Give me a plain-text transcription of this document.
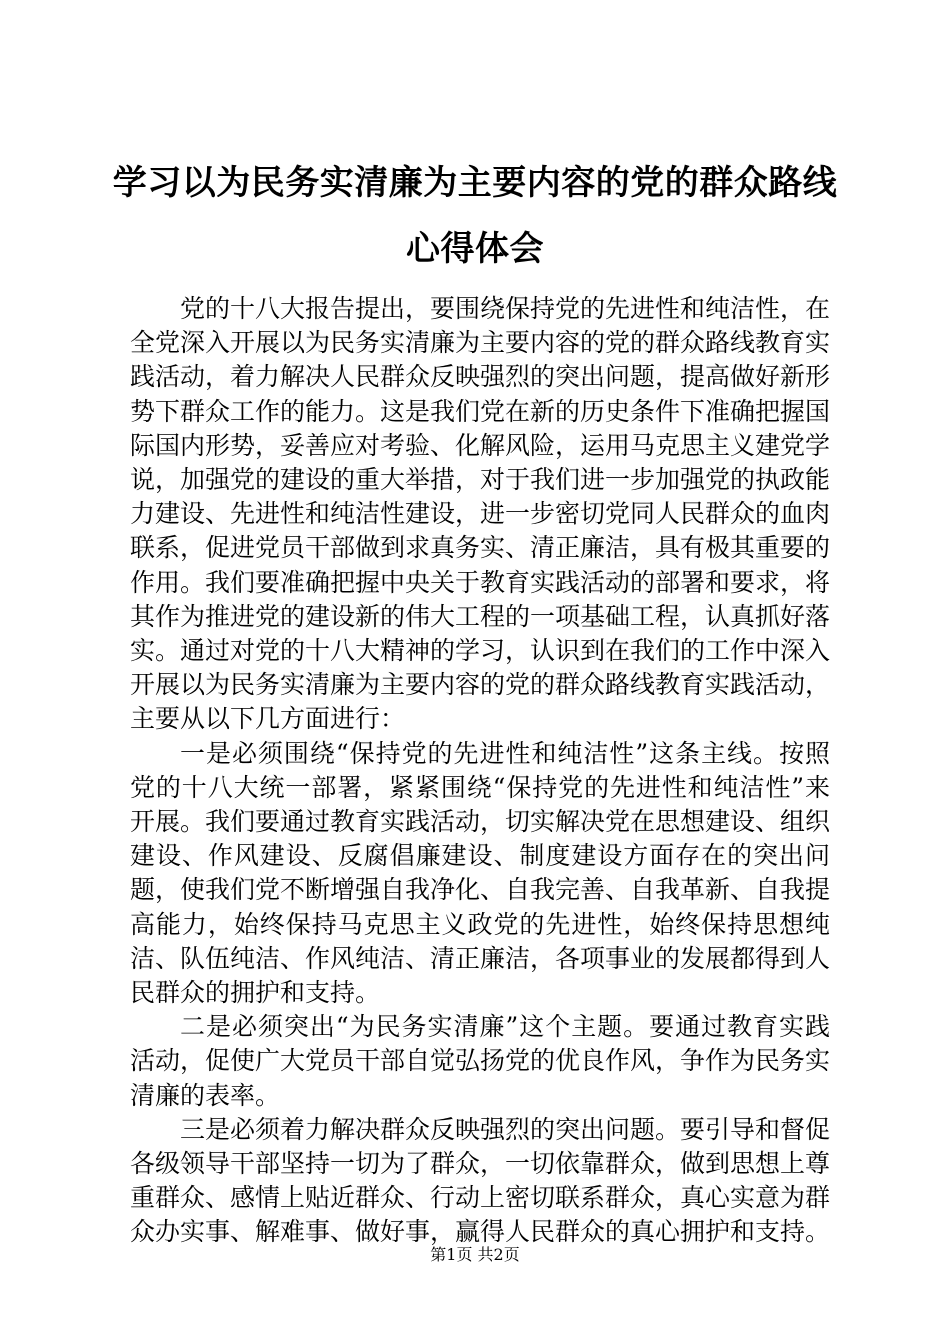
学习以为民务实清廉为主要内容的党的群众路线心得体会

党的十八大报告提出，要围绕保持党的先进性和纯洁性，在全党深入开展以为民务实清廉为主要内容的党的群众路线教育实践活动，着力解决人民群众反映强烈的突出问题，提高做好新形势下群众工作的能力。这是我们党在新的历史条件下准确把握国际国内形势，妥善应对考验、化解风险，运用马克思主义建党学说，加强党的建设的重大举措，对于我们进一步加强党的执政能力建设、先进性和纯洁性建设，进一步密切党同人民群众的血肉联系，促进党员干部做到求真务实、清正廉洁，具有极其重要的作用。我们要准确把握中央关于教育实践活动的部署和要求，将其作为推进党的建设新的伟大工程的一项基础工程，认真抓好落实。通过对党的十八大精神的学习，认识到在我们的工作中深入开展以为民务实清廉为主要内容的党的群众路线教育实践活动，主要从以下几方面进行：

一是必须围绕“保持党的先进性和纯洁性”这条主线。按照党的十八大统一部署，紧紧围绕“保持党的先进性和纯洁性”来开展。我们要通过教育实践活动，切实解决党在思想建设、组织建设、作风建设、反腐倡廉建设、制度建设方面存在的突出问题，使我们党不断增强自我净化、自我完善、自我革新、自我提高能力，始终保持马克思主义政党的先进性，始终保持思想纯洁、队伍纯洁、作风纯洁、清正廉洁，各项事业的发展都得到人民群众的拥护和支持。

二是必须突出“为民务实清廉”这个主题。要通过教育实践活动，促使广大党员干部自觉弘扬党的优良作风，争作为民务实清廉的表率。

三是必须着力解决群众反映强烈的突出问题。要引导和督促各级领导干部坚持一切为了群众，一切依靠群众，做到思想上尊重群众、感情上贴近群众、行动上密切联系群众，真心实意为群众办实事、解难事、做好事，赢得人民群众的真心拥护和支持。

第1页 共2页
